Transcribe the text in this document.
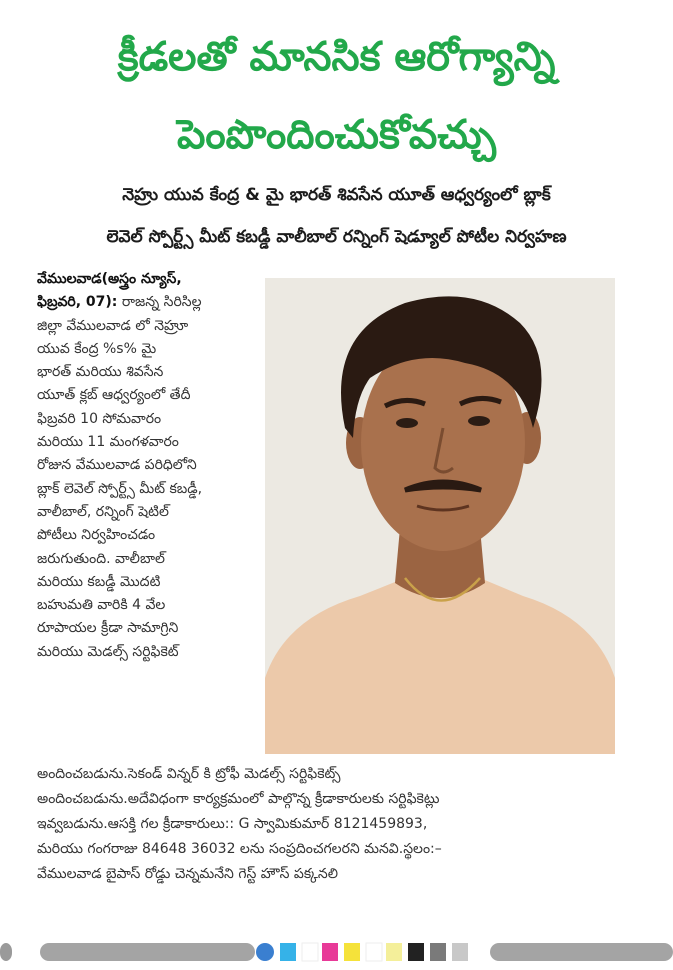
క్రీడలతో మానసిక ఆరోగ్యాన్ని
పెంపొందించుకోవచ్చు
నెహ్రు యువ కేంద్ర & మై భారత్ శివసేన యూత్ ఆధ్వర్యంలో బ్లాక్
లెవెల్ స్పోర్ట్స్ మీట్ కబడ్డీ వాలీబాల్ రన్నింగ్ షెడ్యూల్ పోటీల నిర్వహణ
వేములవాడ(అస్త్రం న్యూస్,
ఫిబ్రవరి, 07): రాజన్న సిరిసిల్ల
జిల్లా వేములవాడ లో నెహ్రూ
యువ కేంద్ర %s% మై
భారత్ మరియు శివసేన
యూత్ క్లబ్ ఆధ్వర్యంలో తేదీ
ఫిబ్రవరి 10 సోమవారం
మరియు 11 మంగళవారం
రోజున వేములవాడ పరిధిలోని
బ్లాక్ లెవెల్ స్పోర్ట్స్ మీట్ కబడ్డీ,
వాలీబాల్, రన్నింగ్ షెటిల్
పోటీలు నిర్వహించడం
జరుగుతుంది. వాలీబాల్
మరియు కబడ్డీ మొదటి
బహుమతి వారికి 4 వేల
రూపాయల క్రీడా సామాగ్రిని
మరియు మెడల్స్ సర్టిఫికెట్
అందించబడును.సెకండ్ విన్నర్ కి ట్రోఫీ మెడల్స్ సర్టిఫికెట్స్
అందించబడును.అదేవిధంగా కార్యక్రమంలో పాల్గొన్న క్రీడాకారులకు సర్టిఫికెట్లు
ఇవ్వబడును.ఆసక్తి గల క్రీడాకారులు:: G స్వామికుమార్ 8121459893,
మరియు గంగరాజు 84648 36032 లను సంప్రదించగలరని మనవి.స్థలం:–
వేములవాడ బైపాస్ రోడ్డు చెన్నమనేని గెస్ట్ హౌస్ పక్కనలి
